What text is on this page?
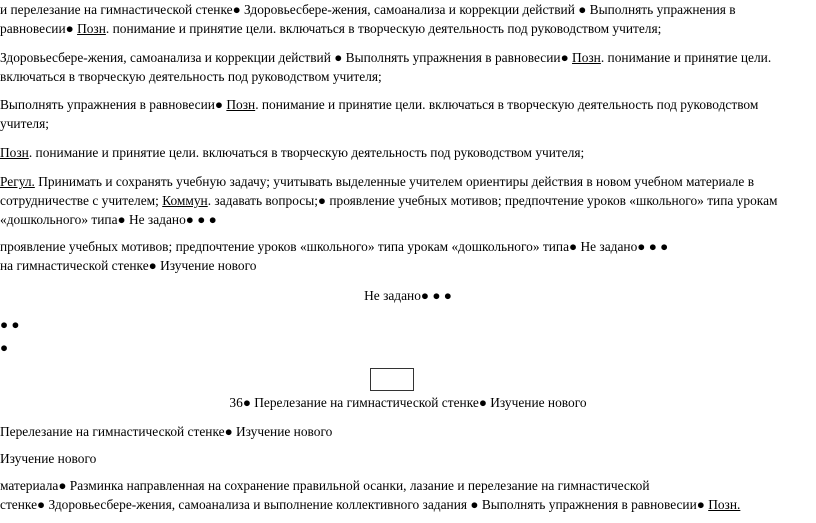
и перелезание на гимнастической стенке● Здоровьесбере-жения, самоанализа и коррекции действий ● Выполнять упражнения в равновесии● Позн. понимание и принятие цели. включаться в творческую деятельность под руководством учителя;

Здоровьесбере-жения, самоанализа и коррекции действий ● Выполнять упражнения в равновесии● Позн. понимание и принятие цели. включаться в творческую деятельность под руководством учителя;

Выполнять упражнения в равновесии● Позн. понимание и принятие цели. включаться в творческую деятельность под руководством учителя;

Позн. понимание и принятие цели. включаться в творческую деятельность под руководством учителя;

Регул. Принимать и сохранять учебную задачу; учитывать выделенные учителем ориентиры действия в новом учебном материале в сотрудничестве с учителем; Коммун. задавать вопросы;● проявление учебных мотивов; предпочтение уроков «школьного» типа урокам «дошкольного» типа● Не задано● ● ●

проявление учебных мотивов; предпочтение уроков «школьного» типа урокам «дошкольного» типа● Не задано● ● ●
на гимнастической стенке● Изучение нового

Не задано● ● ●

● ●

●

36● Перелезание на гимнастической стенке● Изучение нового

Перелезание на гимнастической стенке● Изучение нового

Изучение нового

материала● Разминка направленная на сохранение правильной осанки, лазание и перелезание на гимнастической
стенке● Здоровьесбере-жения, самоанализа и выполнение коллективного задания ● Выполнять упражнения в равновесии● Позн.
